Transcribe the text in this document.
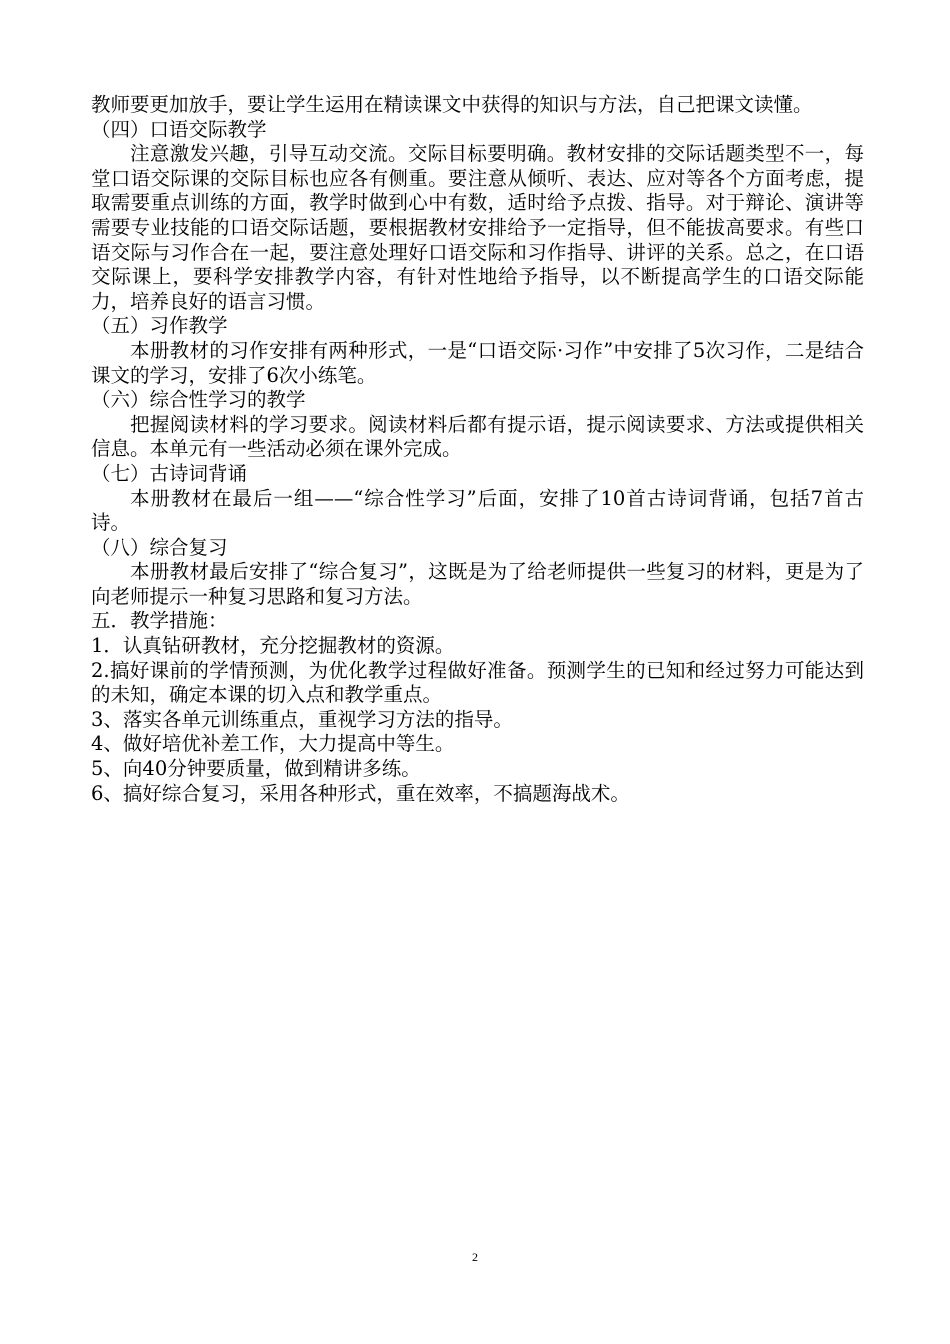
教师要更加放手，要让学生运用在精读课文中获得的知识与方法，自己把课文读懂。

（四）口语交际教学

注意激发兴趣，引导互动交流。交际目标要明确。教材安排的交际话题类型不一，每堂口语交际课的交际目标也应各有侧重。要注意从倾听、表达、应对等各个方面考虑，提取需要重点训练的方面，教学时做到心中有数，适时给予点拨、指导。对于辩论、演讲等需要专业技能的口语交际话题，要根据教材安排给予一定指导，但不能拔高要求。有些口语交际与习作合在一起，要注意处理好口语交际和习作指导、讲评的关系。总之，在口语交际课上，要科学安排教学内容，有针对性地给予指导，以不断提高学生的口语交际能力，培养良好的语言习惯。

（五）习作教学

本册教材的习作安排有两种形式，一是“口语交际·习作”中安排了5次习作，二是结合课文的学习，安排了6次小练笔。

（六）综合性学习的教学

把握阅读材料的学习要求。阅读材料后都有提示语，提示阅读要求、方法或提供相关信息。本单元有一些活动必须在课外完成。

（七）古诗词背诵

本册教材在最后一组——“综合性学习”后面，安排了10首古诗词背诵，包括7首古诗。

（八）综合复习

本册教材最后安排了“综合复习”，这既是为了给老师提供一些复习的材料，更是为了向老师提示一种复习思路和复习方法。

五．教学措施：

1．认真钻研教材，充分挖掘教材的资源。

2.搞好课前的学情预测，为优化教学过程做好准备。预测学生的已知和经过努力可能达到的未知，确定本课的切入点和教学重点。

3、落实各单元训练重点，重视学习方法的指导。

4、做好培优补差工作，大力提高中等生。

5、向40分钟要质量，做到精讲多练。

6、搞好综合复习，采用各种形式，重在效率，不搞题海战术。

2
